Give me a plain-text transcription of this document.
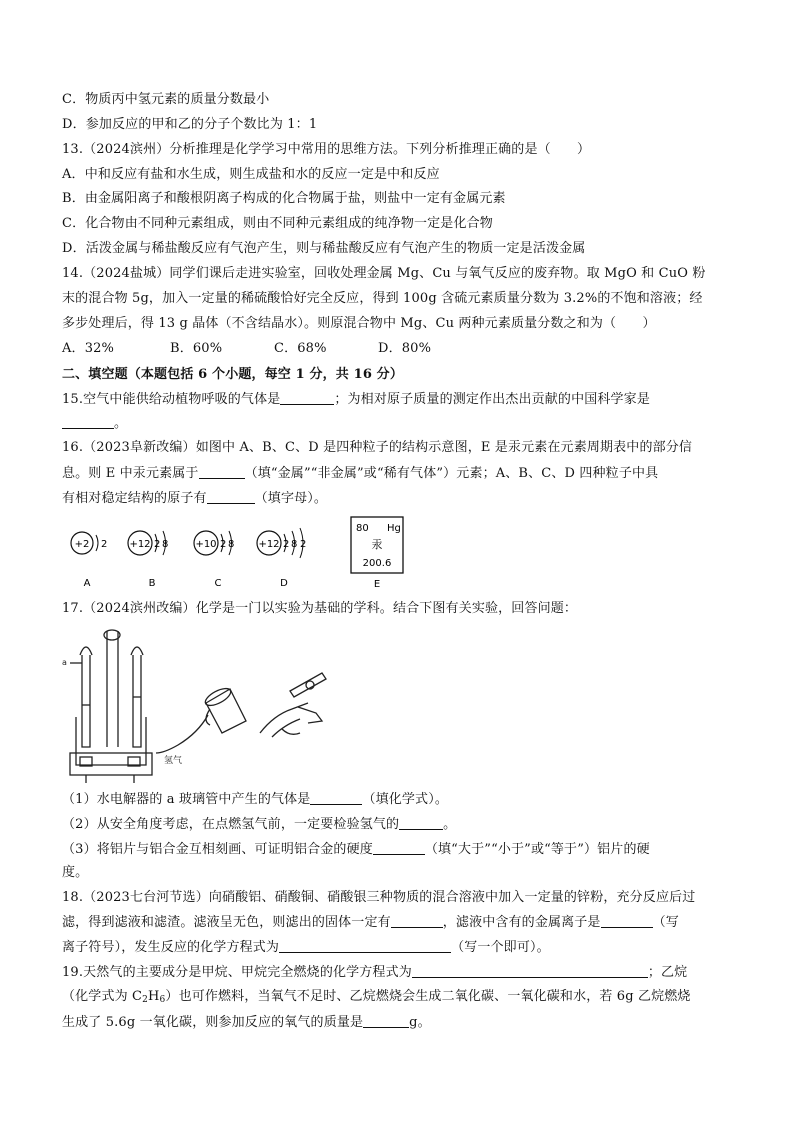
C．物质丙中氢元素的质量分数最小
D．参加反应的甲和乙的分子个数比为 1：1
13.（2024滨州）分析推理是化学学习中常用的思维方法。下列分析推理正确的是（　　）
A．中和反应有盐和水生成，则生成盐和水的反应一定是中和反应
B．由金属阳离子和酸根阴离子构成的化合物属于盐，则盐中一定有金属元素
C．化合物由不同种元素组成，则由不同种元素组成的纯净物一定是化合物
D．活泼金属与稀盐酸反应有气泡产生，则与稀盐酸反应有气泡产生的物质一定是活泼金属
14.（2024盐城）同学们课后走进实验室，回收处理金属 Mg、Cu 与氧气反应的废弃物。取 MgO 和 CuO 粉
末的混合物 5g，加入一定量的稀硫酸恰好完全反应，得到 100g 含硫元素质量分数为 3.2%的不饱和溶液；经
多步处理后，得 13 g 晶体（不含结晶水）。则原混合物中 Mg、Cu 两种元素质量分数之和为（　　）
A．32%	B．60%	C．68%	D．80%
二、填空题（本题包括 6 个小题，每空 1 分，共 16 分）
15.空气中能供给动植物呼吸的气体是	；为相对原子质量的测定作出杰出贡献的中国科学家是
。
16.（2023阜新改编）如图中 A、B、C、D 是四种粒子的结构示意图，E 是汞元素在元素周期表中的部分信
息。则 E 中汞元素属于	（填“金属”“非金属”或“稀有气体”）元素；A、B、C、D 四种粒子中具
有相对稳定结构的原子有	（填字母）。
+2 2
A
+12 2 8
B
+10 2 8
C
+12 2 8 2
D
80 Hg
汞
200.6
E
17.（2024滨州改编）化学是一门以实验为基础的学科。结合下图有关实验，回答问题：
a
氢气
（1）水电解器的 a 玻璃管中产生的气体是	（填化学式）。
（2）从安全角度考虑，在点燃氢气前，一定要检验氢气的	。
（3）将铝片与铝合金互相刻画、可证明铝合金的硬度	（填“大于”“小于”或“等于”）铝片的硬
度。
18.（2023七台河节选）向硝酸铝、硝酸铜、硝酸银三种物质的混合溶液中加入一定量的锌粉，充分反应后过
滤，得到滤液和滤渣。滤液呈无色，则滤出的固体一定有	，滤液中含有的金属离子是	（写
离子符号），发生反应的化学方程式为	（写一个即可）。
19.天然气的主要成分是甲烷、甲烷完全燃烧的化学方程式为	；乙烷
（化学式为 $C_2H_6$）也可作燃料，当氧气不足时、乙烷燃烧会生成二氧化碳、一氧化碳和水，若 6g 乙烷燃烧
生成了 5.6g 一氧化碳，则参加反应的氧气的质量是	g。
